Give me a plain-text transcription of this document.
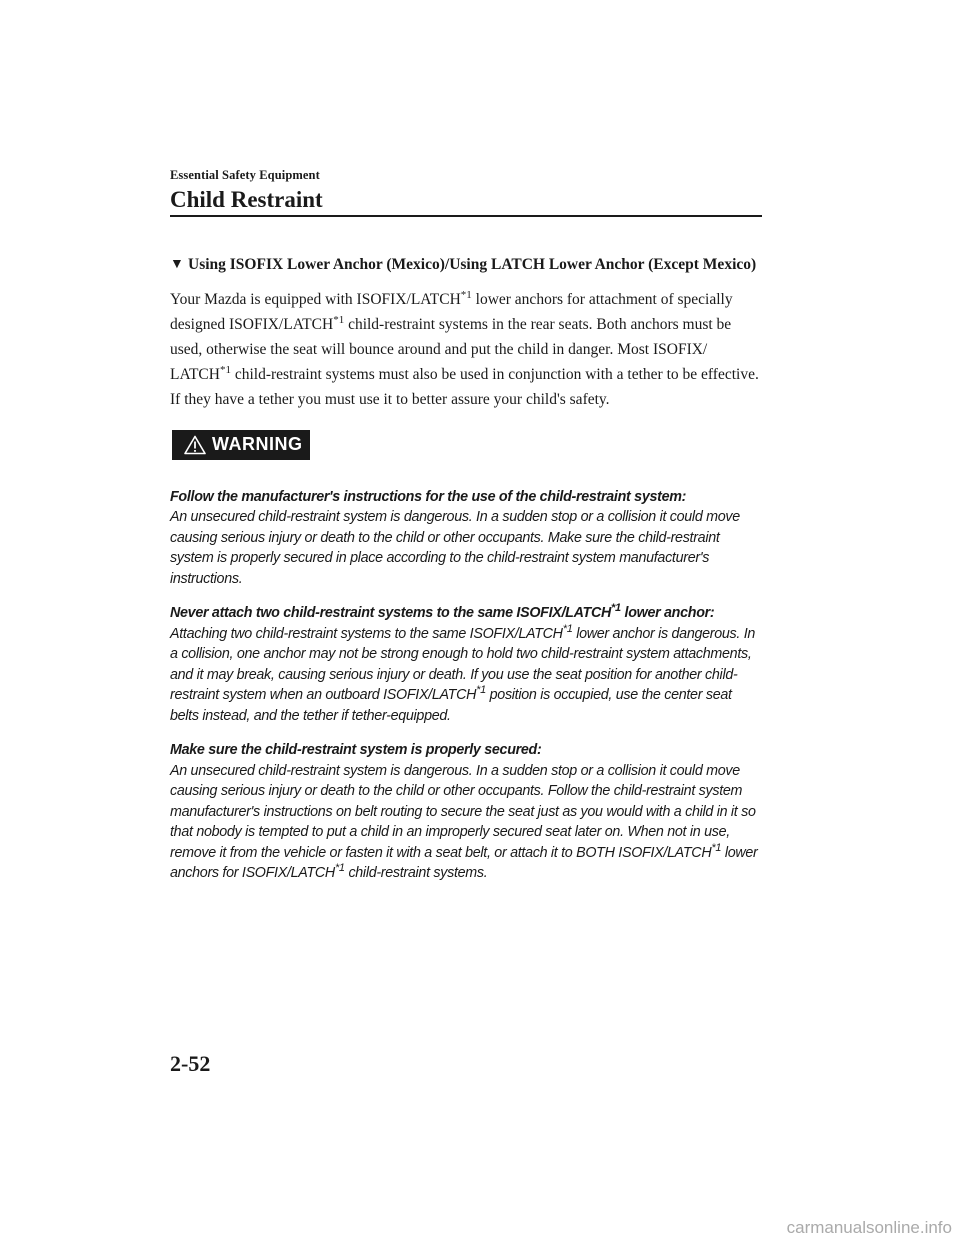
Essential Safety Equipment
Child Restraint
▼ Using ISOFIX Lower Anchor (Mexico)/Using LATCH Lower Anchor (Except Mexico)

Your Mazda is equipped with ISOFIX/LATCH$^{*1}$ lower anchors for attachment of specially designed ISOFIX/LATCH$^{*1}$ child-restraint systems in the rear seats. Both anchors must be used, otherwise the seat will bounce around and put the child in danger. Most ISOFIX/ LATCH$^{*1}$ child-restraint systems must also be used in conjunction with a tether to be effective. If they have a tether you must use it to better assure your child's safety.

WARNING
Follow the manufacturer's instructions for the use of the child-restraint system:
An unsecured child-restraint system is dangerous. In a sudden stop or a collision it could move causing serious injury or death to the child or other occupants. Make sure the child-restraint system is properly secured in place according to the child-restraint system manufacturer's instructions.
Never attach two child-restraint systems to the same ISOFIX/LATCH$^{*1}$ lower anchor:
Attaching two child-restraint systems to the same ISOFIX/LATCH$^{*1}$ lower anchor is dangerous. In a collision, one anchor may not be strong enough to hold two child-restraint system attachments, and it may break, causing serious injury or death. If you use the seat position for another child-restraint system when an outboard ISOFIX/LATCH$^{*1}$ position is occupied, use the center seat belts instead, and the tether if tether-equipped.
Make sure the child-restraint system is properly secured:
An unsecured child-restraint system is dangerous. In a sudden stop or a collision it could move causing serious injury or death to the child or other occupants. Follow the child-restraint system manufacturer's instructions on belt routing to secure the seat just as you would with a child in it so that nobody is tempted to put a child in an improperly secured seat later on. When not in use, remove it from the vehicle or fasten it with a seat belt, or attach it to BOTH ISOFIX/LATCH$^{*1}$ lower anchors for ISOFIX/LATCH$^{*1}$ child-restraint systems.
2-52
carmanualsonline.info
